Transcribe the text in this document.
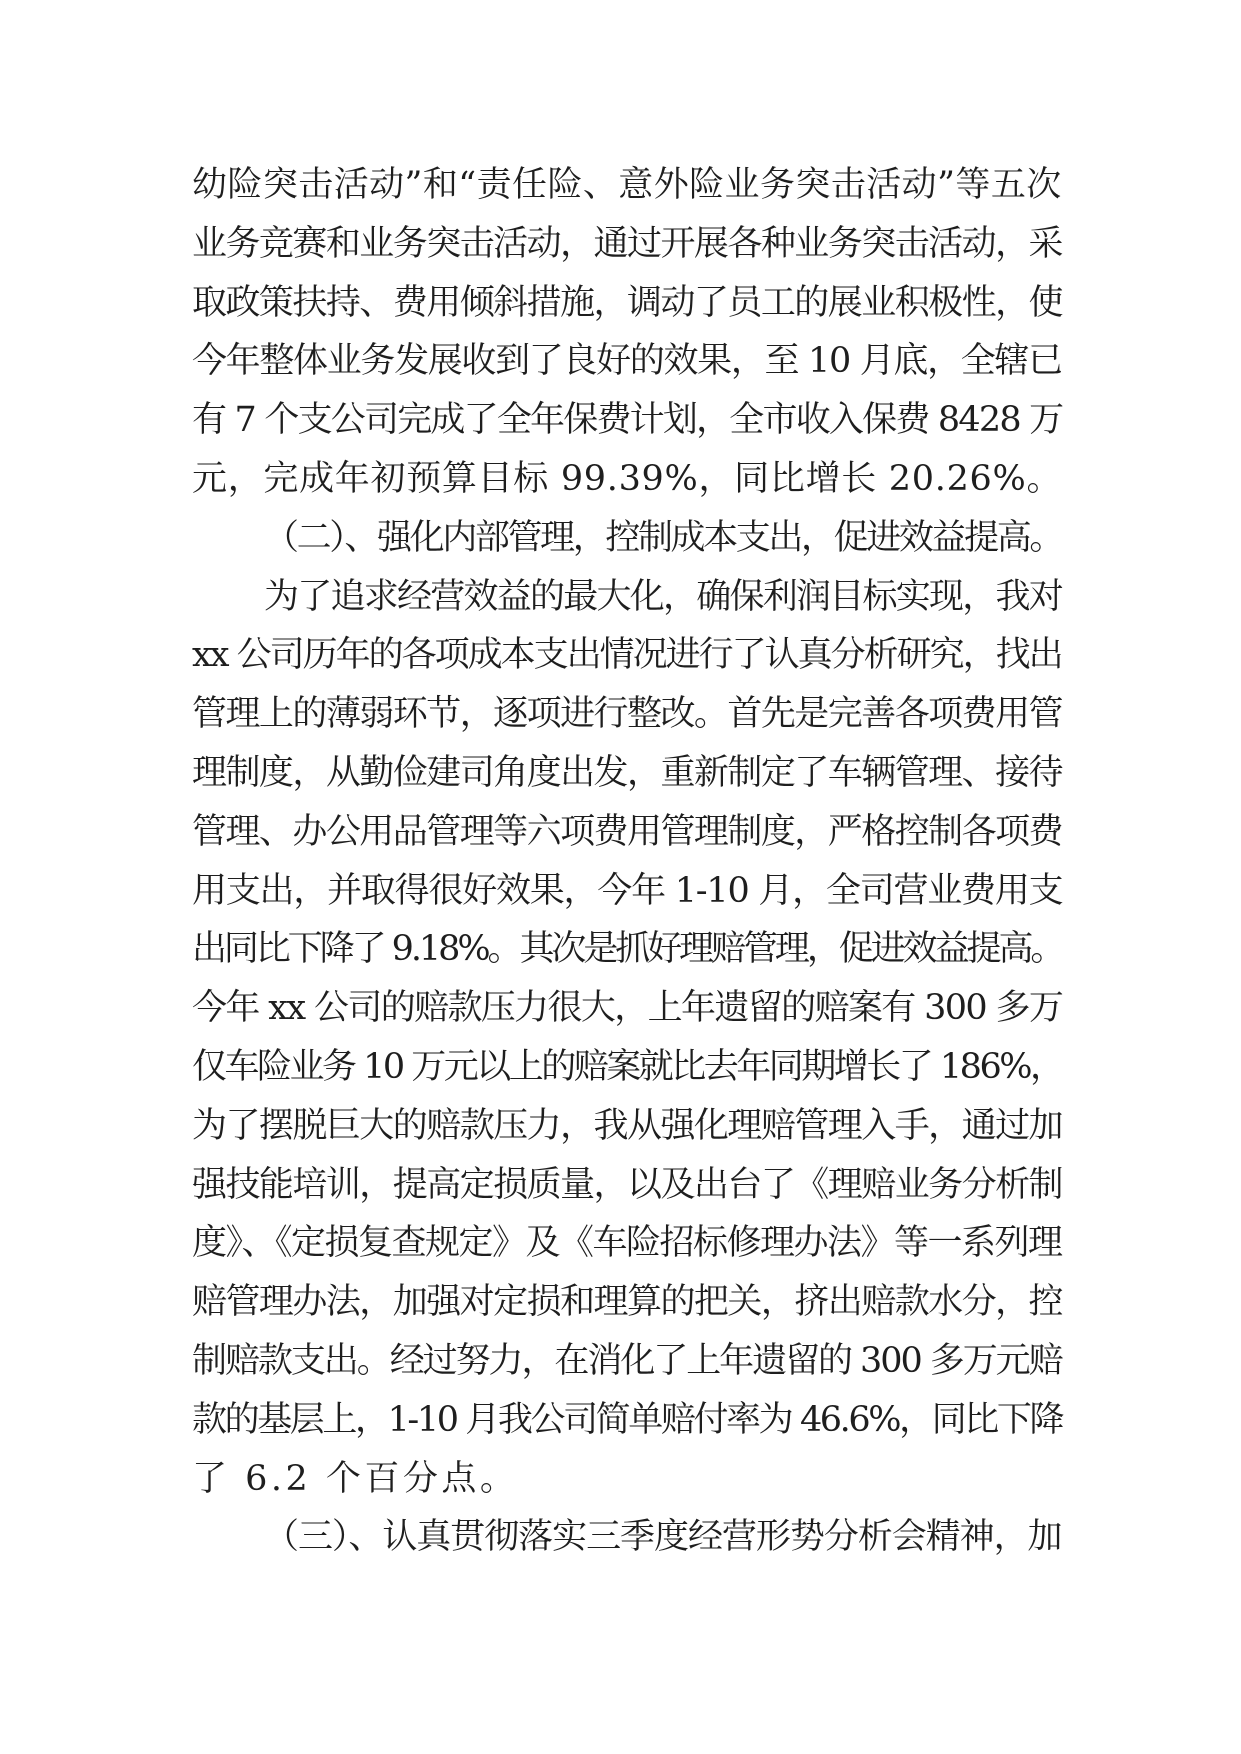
幼险突击活动”和“责任险、意外险业务突击活动”等五次
业务竞赛和业务突击活动，通过开展各种业务突击活动，采
取政策扶持、费用倾斜措施，调动了员工的展业积极性，使
今年整体业务发展收到了良好的效果，至 10 月底，全辖已
有 7 个支公司完成了全年保费计划，全市收入保费 8428 万
元，完成年初预算目标 99.39%，同比增长 20.26%。
（二）、强化内部管理，控制成本支出，促进效益提高。
为了追求经营效益的最大化，确保利润目标实现，我对
xx 公司历年的各项成本支出情况进行了认真分析研究，找出
管理上的薄弱环节，逐项进行整改。首先是完善各项费用管
理制度，从勤俭建司角度出发，重新制定了车辆管理、接待
管理、办公用品管理等六项费用管理制度，严格控制各项费
用支出，并取得很好效果，今年 1-10 月，全司营业费用支
出同比下降了 9.18%。其次是抓好理赔管理，促进效益提高。
今年 xx 公司的赔款压力很大，上年遗留的赔案有 300 多万
仅车险业务 10 万元以上的赔案就比去年同期增长了 186%，
为了摆脱巨大的赔款压力，我从强化理赔管理入手，通过加
强技能培训，提高定损质量，以及出台了《理赔业务分析制
度》、《定损复查规定》及《车险招标修理办法》等一系列理
赔管理办法，加强对定损和理算的把关，挤出赔款水分，控
制赔款支出。经过努力，在消化了上年遗留的 300 多万元赔
款的基层上，1-10 月我公司简单赔付率为 46.6%，同比下降
了 6.2 个百分点。
（三）、认真贯彻落实三季度经营形势分析会精神，加
